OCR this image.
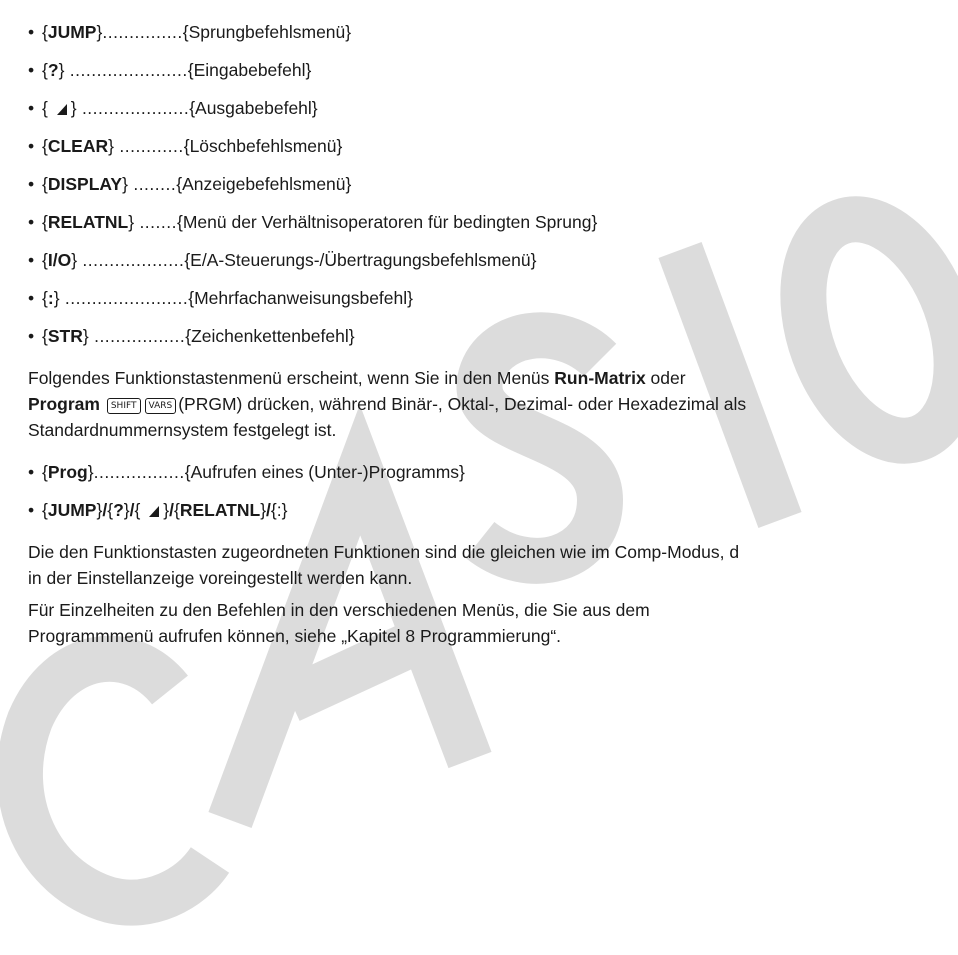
• {JUMP}...............{Sprungbefehlsmenü}
• {?} ......................{Eingabebefehl}
• { } ....................{Ausgabebefehl}
• {CLEAR} ............{Löschbefehlsmenü}
• {DISPLAY} ........{Anzeigebefehlsmenü}
• {RELATNL} .......{Menü der Verhältnisoperatoren für bedingten Sprung}
• {I/O} ...................{E/A-Steuerungs-/Übertragungsbefehlsmenü}
• {:} .......................{Mehrfachanweisungsbefehl}
• {STR} .................{Zeichenkettenbefehl}

Folgendes Funktionstastenmenü erscheint, wenn Sie in den Menüs Run-Matrix oder
Program SHIFT VARS (PRGM) drücken, während Binär-, Oktal-, Dezimal- oder Hexadezimal als
Standardnummernsystem festgelegt ist.

• {Prog}.................{Aufrufen eines (Unter-)Programms}
• {JUMP}/{?}/{ }/{RELATNL}/{:}

Die den Funktionstasten zugeordneten Funktionen sind die gleichen wie im Comp-Modus, d
in der Einstellanzeige voreingestellt werden kann.

Für Einzelheiten zu den Befehlen in den verschiedenen Menüs, die Sie aus dem
Programmmenü aufrufen können, siehe „Kapitel 8 Programmierung“.
